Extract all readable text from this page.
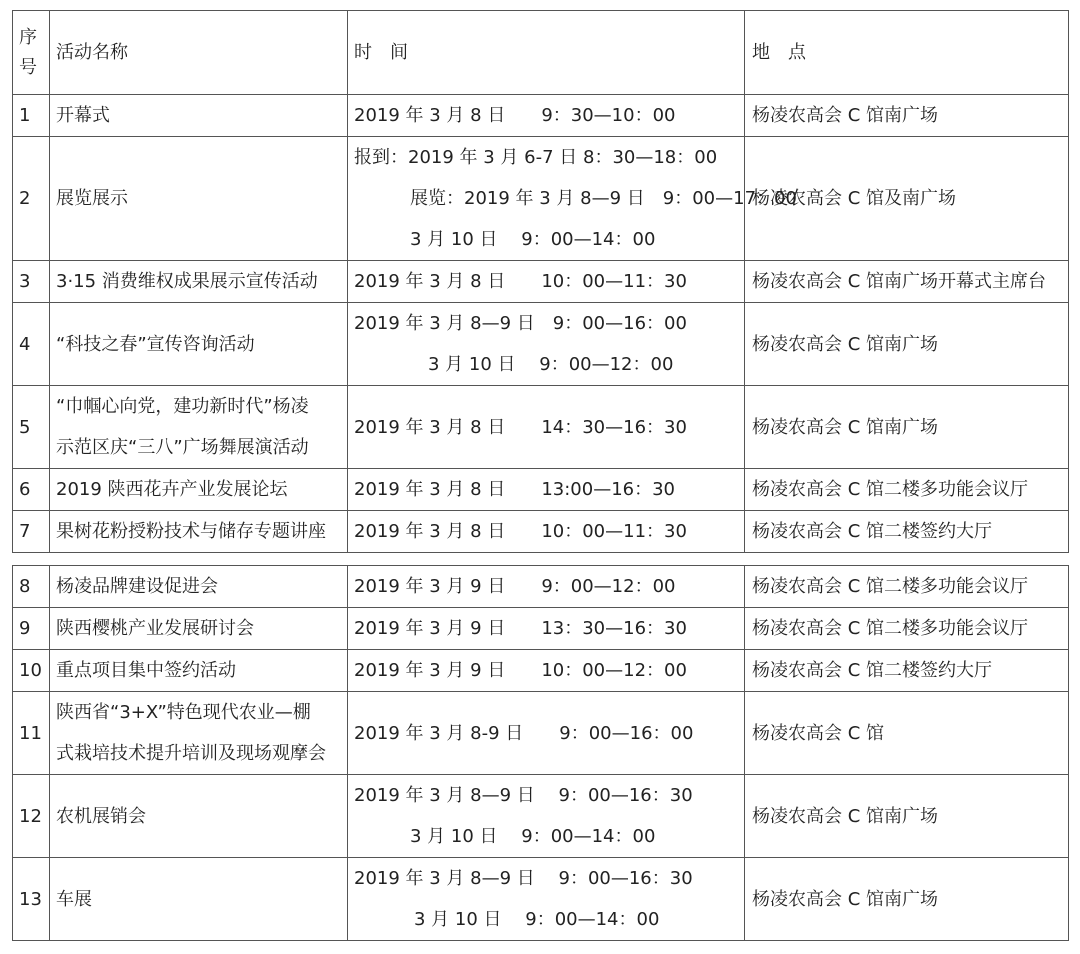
序
号	活动名称	时　间	地　点
1	开幕式	2019 年 3 月 8 日　　9：30—10：00	杨凌农高会 C 馆南广场
2	展览展示	报到：2019 年 3 月 6-7 日 8：30—18：00
展览：2019 年 3 月 8—9 日　9：00—17：00
3 月 10 日　 9：00—14：00	杨凌农高会 C 馆及南广场
3	3·15 消费维权成果展示宣传活动	2019 年 3 月 8 日　　10：00—11：30	杨凌农高会 C 馆南广场开幕式主席台
4	“科技之春”宣传咨询活动	2019 年 3 月 8—9 日　9：00—16：00
3 月 10 日　 9：00—12：00	杨凌农高会 C 馆南广场
5	“巾帼心向党，建功新时代”杨凌
示范区庆“三八”广场舞展演活动	2019 年 3 月 8 日　　14：30—16：30	杨凌农高会 C 馆南广场
6	2019 陕西花卉产业发展论坛	2019 年 3 月 8 日　　13:00—16：30	杨凌农高会 C 馆二楼多功能会议厅
7	果树花粉授粉技术与储存专题讲座	2019 年 3 月 8 日　　10：00—11：30	杨凌农高会 C 馆二楼签约大厅
8	杨凌品牌建设促进会	2019 年 3 月 9 日　　9：00—12：00	杨凌农高会 C 馆二楼多功能会议厅
9	陕西樱桃产业发展研讨会	2019 年 3 月 9 日　　13：30—16：30	杨凌农高会 C 馆二楼多功能会议厅
10	重点项目集中签约活动	2019 年 3 月 9 日　　10：00—12：00	杨凌农高会 C 馆二楼签约大厅
11	陕西省“3+X”特色现代农业—棚
式栽培技术提升培训及现场观摩会	2019 年 3 月 8-9 日　　9：00—16：00	杨凌农高会 C 馆
12	农机展销会	2019 年 3 月 8—9 日　 9：00—16：30
3 月 10 日　 9：00—14：00	杨凌农高会 C 馆南广场
13	车展	2019 年 3 月 8—9 日　 9：00—16：30
3 月 10 日　 9：00—14：00	杨凌农高会 C 馆南广场
